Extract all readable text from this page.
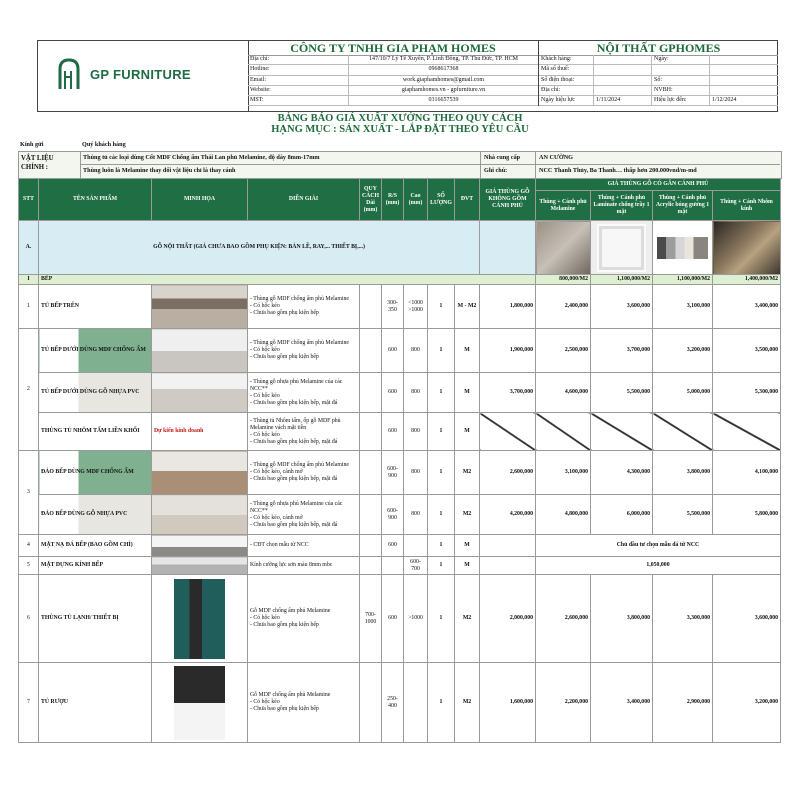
GP FURNITURE
CÔNG TY TNHH GIA PHẠM HOMES
Địa chỉ:	147/10/7 Lý Tế Xuyên, P. Linh Đông, TP. Thủ Đức, TP. HCM
Hotline:	0968617368
Email:	work.giaphamhomes@gmail.com
Website:	giaphamhomes.vn - gpfurniture.vn
MST:	0316657539
NỘI THẤT GPHOMES
Khách hàng:	Ngày:
Mã số thuế:
Số điện thoại:	Số:
Địa chỉ:	NVBH:
Ngày hiệu lực	1/11/2024	Hiệu lực đến:	1/12/2024
BẢNG BÁO GIÁ XUẤT XƯỞNG THEO QUY CÁCH
HẠNG MỤC : SẢN XUẤT - LẮP ĐẶT THEO YÊU CẦU
Kính gửi	Quý khách hàng
VẬT LIỆU CHÍNH :
Thùng tủ các loại dùng Cốt MDF Chống ẩm Thái Lan phủ Melamine, độ dày 8mm-17mm
Thùng luôn là Melamine thay đổi vật liệu chỉ là thay cánh
Nhà cung cấp	AN CƯỜNG
Ghi chú:	NCC Thanh Thủy, Ba Thanh… thấp hơn 200.000vnd/m-md
STT	TÊN SẢN PHẨM	MINH HỌA	DIỄN GIẢI	QUY CÁCH Dài (mm)	R/S (mm)	Cao (mm)	SỐ LƯỢNG	ĐVT	GIÁ THÙNG GỖ KHÔNG GỒM CÁNH PHỦ	GIÁ THÙNG GỖ CÓ GẮN CÁNH PHỦ			
										Thùng + Cánh phủ Melamine	Thùng + Cánh phủ Laminate chống trầy 1 mặt	Thùng + Cánh phủ Acrylic bóng gương 1 mặt	Thùng + Cánh Nhôm kính
A.	GỖ NỘI THẤT (GIÁ CHƯA BAO GỒM PHỤ KIỆN: BẢN LỀ, RAY,... THIẾT BỊ,...)										

I	BẾP									800,000/M2	1,100,000/M2	1,100,000/M2	1,400,000/M2
1	TỦ BẾP TRÊN		- Thùng gỗ MDF chống ẩm phủ Melamine
- Có hộc kéo
- Chưa bao gồm phụ kiện bếp		300-350	<1000 >1000	1	M - M2	1,800,000	2,400,000	3,600,000	3,100,000	3,400,000
2	TỦ BẾP DƯỚI DÙNG MDF CHỐNG ẨM		- Thùng gỗ MDF chống ẩm phủ Melamine
- Có hộc kéo
- Chưa bao gồm phụ kiện bếp		600	800	1	M	1,900,000	2,500,000	3,700,000	3,200,000	3,500,000
	TỦ BẾP DƯỚI DÙNG GỖ NHỰA PVC		- Thùng gỗ nhựa phủ Melamine của các NCC**
- Có hộc kéo
- Chưa bao gồm phụ kiện bếp, mặt đá		600	800	1	M	3,700,000	4,600,000	5,500,000	5,000,000	5,300,000
	THÙNG TỦ NHÔM TẤM LIỀN KHỐI	Dự kiến kinh doanh	- Thùng tủ Nhôm tấm, ốp gỗ MDF phủ Melamine vách mặt tiền
- Có hộc kéo
- Chưa bao gồm phụ kiện bếp, mặt đá		600	800	1	M					
3	ĐẢO BẾP DÙNG MDF CHỐNG ẨM		- Thùng gỗ MDF chống ẩm phủ Melamine
- Có hộc kéo, cánh mở
- Chưa bao gồm phụ kiện bếp, mặt đá		600-900	800	1	M2	2,600,000	3,100,000	4,300,000	3,800,000	4,100,000
	ĐẢO BẾP DÙNG GỖ NHỰA PVC		- Thùng gỗ nhựa phủ Melamine của các NCC**
- Có hộc kéo, cánh mở
- Chưa bao gồm phụ kiện bếp, mặt đá		600-900	800	1	M2	4,200,000	4,800,000	6,000,000	5,500,000	5,800,000
4	MẶT NẠ ĐÁ BẾP (BAO GỒM CHỈ)		- CĐT chọn mẫu từ NCC		600		1	M		Chủ đầu tư chọn mẫu đá từ NCC			
5	MẶT DỰNG KÍNH BẾP		Kính cường lực sơn màu 8mm mbc			600-700	1	M		1,050,000			
6	THÙNG TỦ LẠNH/ THIẾT BỊ		Gỗ MDF chống ẩm phủ Melamine
- Có hộc kéo
- Chưa bao gồm phụ kiện bếp	700-1000	600	>1000	1	M2	2,000,000	2,600,000	3,800,000	3,300,000	3,600,000
7	TỦ RƯỢU		Gỗ MDF chống ẩm phủ Melamine
- Có hộc kéo
- Chưa bao gồm phụ kiện bếp		250-400		1	M2	1,600,000	2,200,000	3,400,000	2,900,000	3,200,000
